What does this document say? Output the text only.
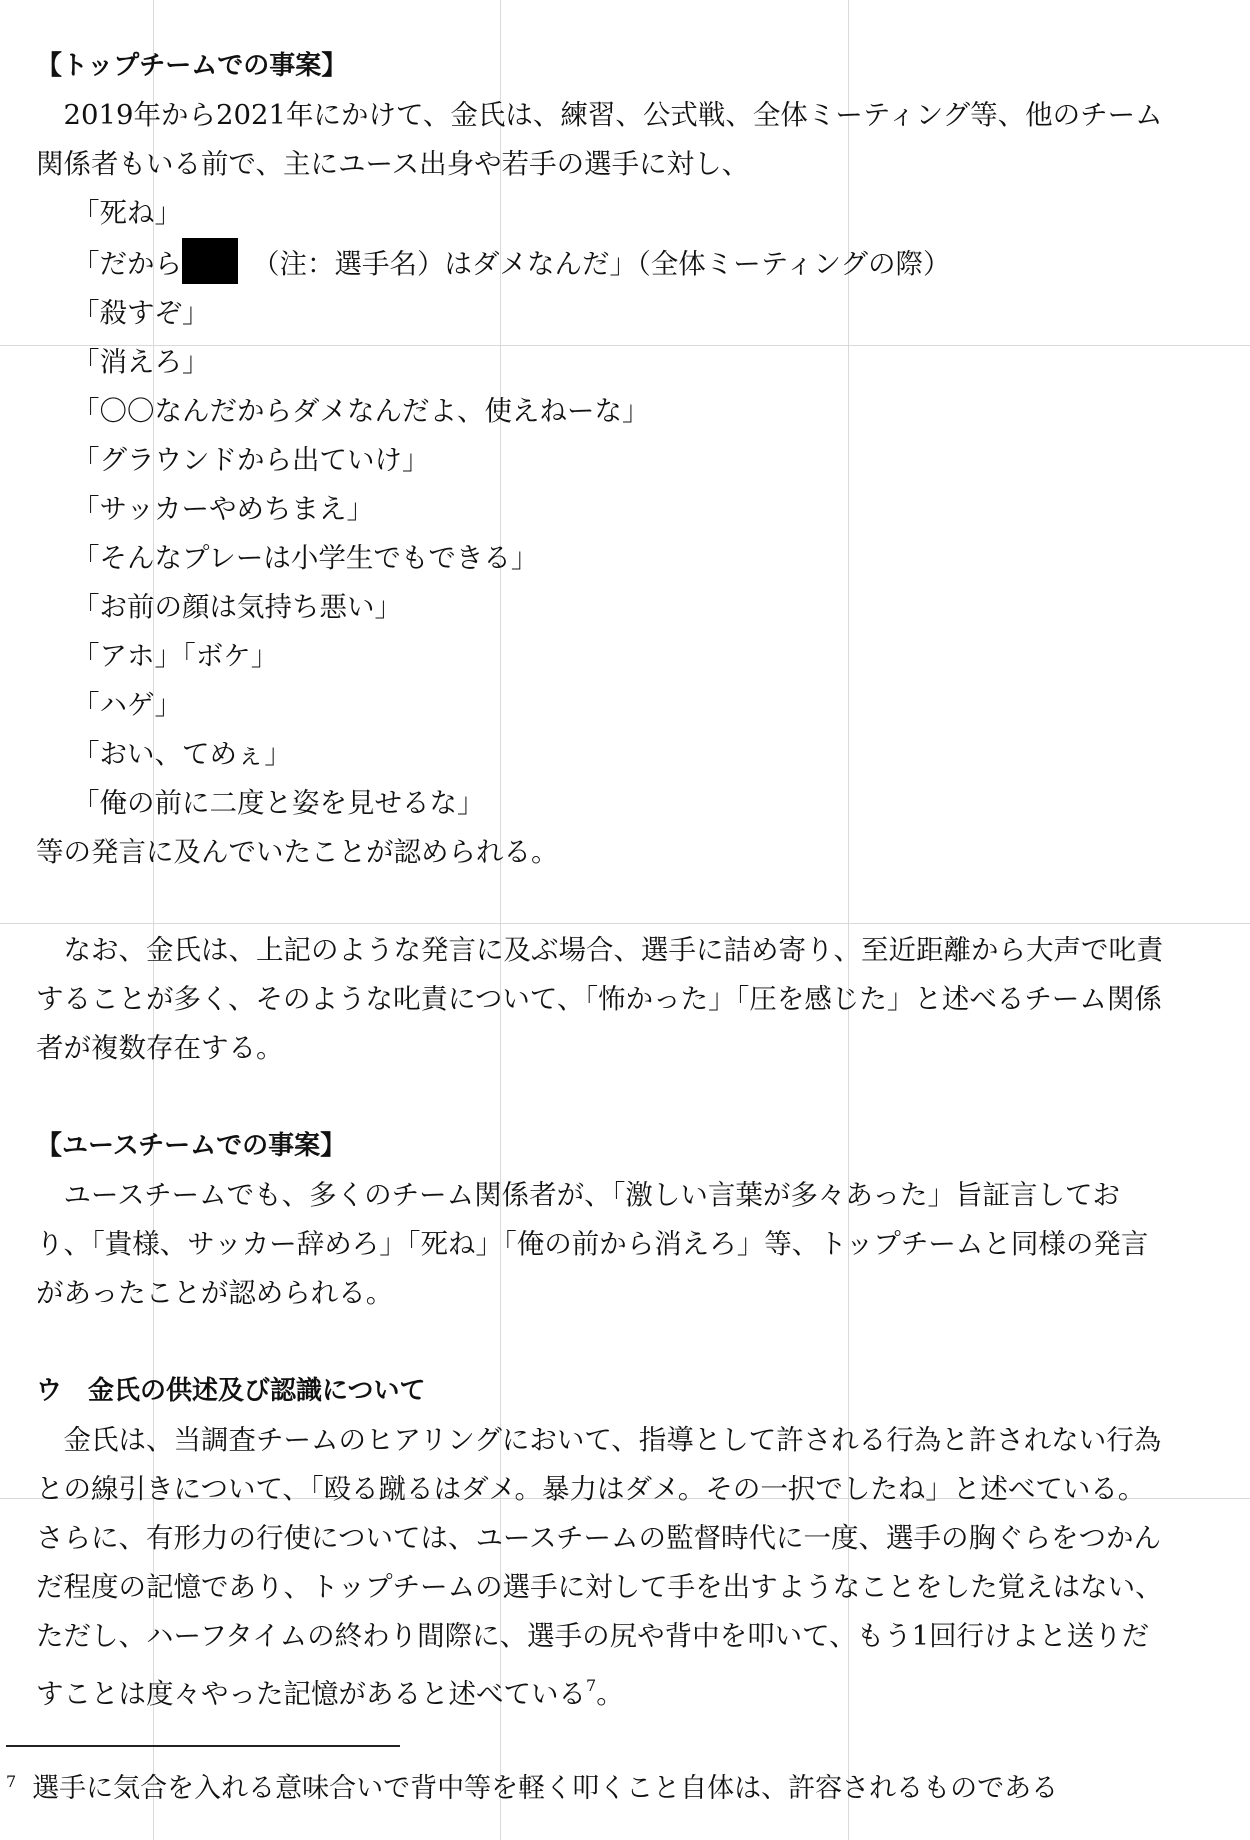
【トップチームでの事案】

2019年から2021年にかけて、金氏は、練習、公式戦、全体ミーティング等、他のチーム関係者もいる前で、主にユース出身や若手の選手に対し、

「死ね」

「だから	（注：選手名）はダメなんだ」（全体ミーティングの際）

「殺すぞ」

「消えろ」

「〇〇なんだからダメなんだよ、使えねーな」

「グラウンドから出ていけ」

「サッカーやめちまえ」

「そんなプレーは小学生でもできる」

「お前の顔は気持ち悪い」

「アホ」「ボケ」

「ハゲ」

「おい、てめぇ」

「俺の前に二度と姿を見せるな」

等の発言に及んでいたことが認められる。

なお、金氏は、上記のような発言に及ぶ場合、選手に詰め寄り、至近距離から大声で叱責することが多く、そのような叱責について、「怖かった」「圧を感じた」と述べるチーム関係者が複数存在する。

【ユースチームでの事案】

ユースチームでも、多くのチーム関係者が、「激しい言葉が多々あった」旨証言しており、「貴様、サッカー辞めろ」「死ね」「俺の前から消えろ」等、トップチームと同様の発言があったことが認められる。

ウ　金氏の供述及び認識について

金氏は、当調査チームのヒアリングにおいて、指導として許される行為と許されない行為との線引きについて、「殴る蹴るはダメ。暴力はダメ。その一択でしたね」と述べている。さらに、有形力の行使については、ユースチームの監督時代に一度、選手の胸ぐらをつかんだ程度の記憶であり、トップチームの選手に対して手を出すようなことをした覚えはない、ただし、ハーフタイムの終わり間際に、選手の尻や背中を叩いて、もう1回行けよと送りだすことは度々やった記憶があると述べている$^7$。

$^7$ 選手に気合を入れる意味合いで背中等を軽く叩くこと自体は、許容されるものである
